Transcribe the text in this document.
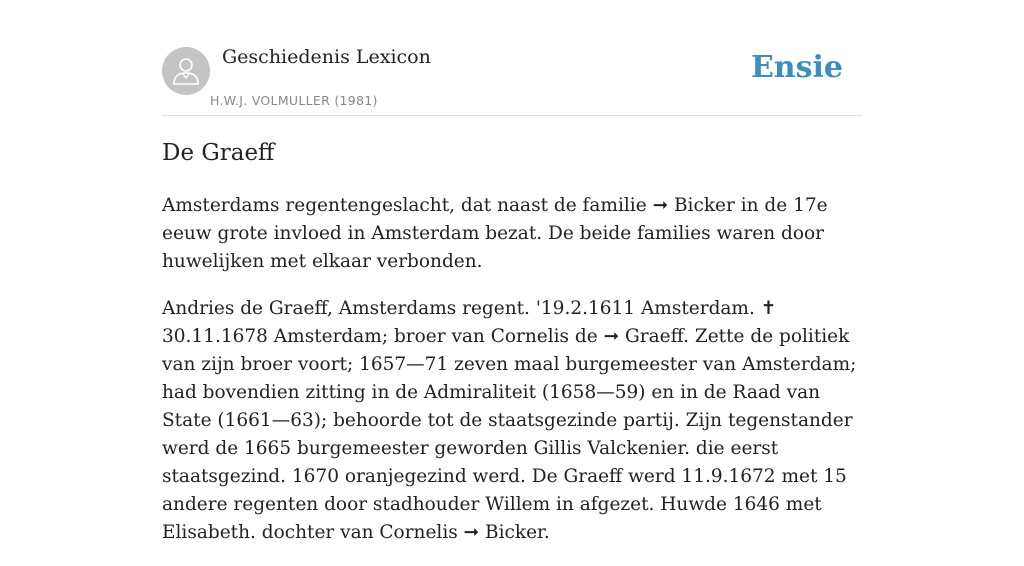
Geschiedenis Lexicon
H.W.J. VOLMULLER (1981)
Ensie
De Graeff

Amsterdams regentengeslacht, dat naast de familie ➞ Bicker in de 17e eeuw grote invloed in Amsterdam bezat. De beide families waren door huwelijken met elkaar verbonden.

Andries de Graeff, Amsterdams regent. '19.2.1611 Amsterdam. ✝ 30.11.1678 Amsterdam; broer van Cornelis de ➞ Graeff. Zette de politiek van zijn broer voort; 1657—71 zeven maal burgemeester van Amsterdam; had bovendien zitting in de Admiraliteit (1658—59) en in de Raad van State (1661—63); behoorde tot de staatsgezinde partij. Zijn tegenstander werd de 1665 burgemeester geworden Gillis Valckenier. die eerst staatsgezind. 1670 oranjegezind werd. De Graeff werd 11.9.1672 met 15 andere regenten door stadhouder Willem in afgezet. Huwde 1646 met Elisabeth. dochter van Cornelis ➞ Bicker.
